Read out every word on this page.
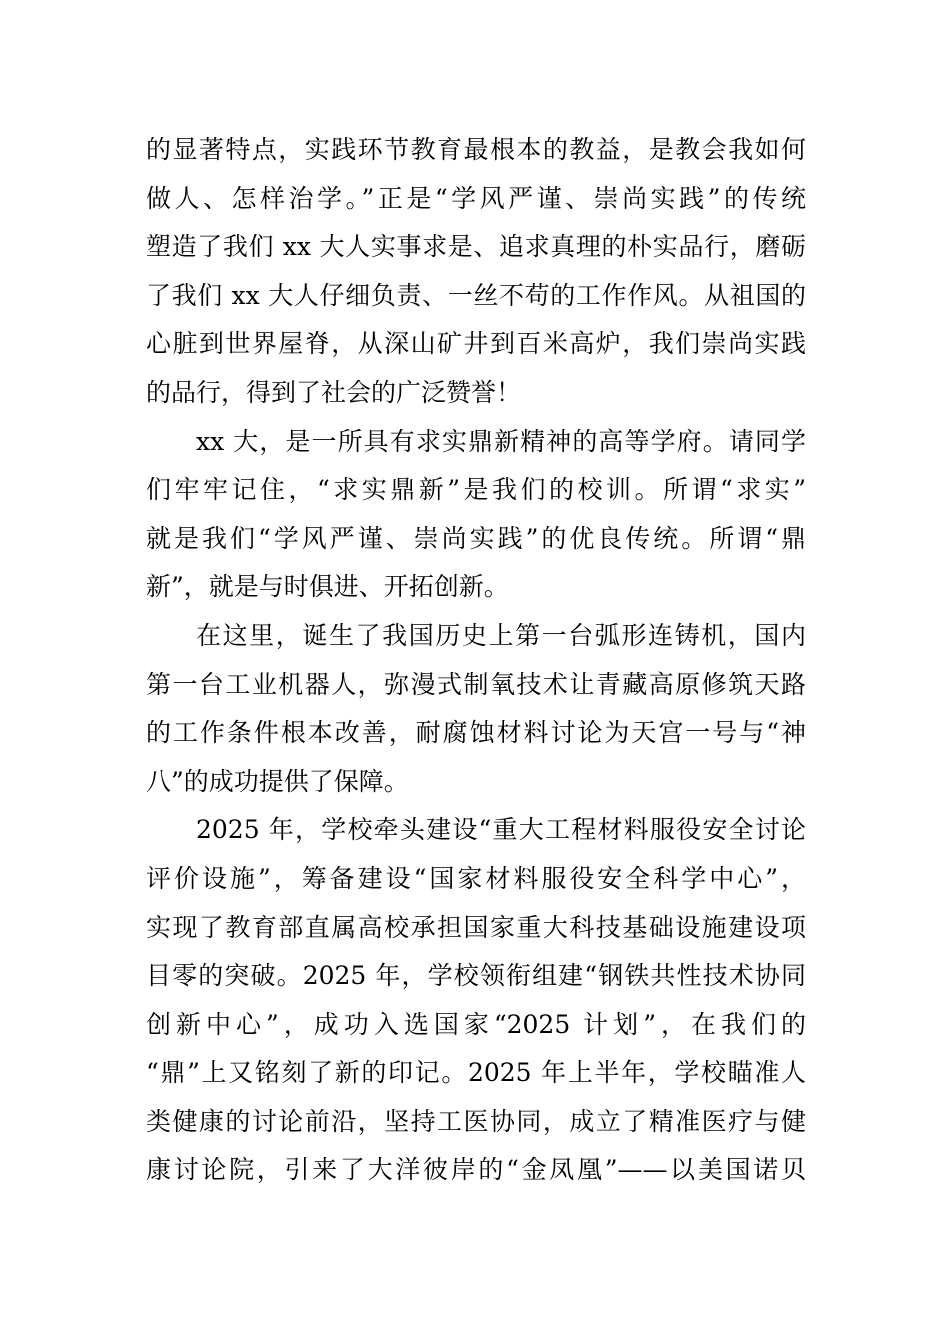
的显著特点，实践环节教育最根本的教益，是教会我如何
做人、怎样治学。”正是“学风严谨、崇尚实践”的传统
塑造了我们 xx 大人实事求是、追求真理的朴实品行，磨砺
了我们 xx 大人仔细负责、一丝不苟的工作作风。从祖国的
心脏到世界屋脊，从深山矿井到百米高炉，我们崇尚实践
的品行，得到了社会的广泛赞誉！

xx 大，是一所具有求实鼎新精神的高等学府。请同学
们牢牢记住，“求实鼎新”是我们的校训。所谓“求实”
就是我们“学风严谨、崇尚实践”的优良传统。所谓“鼎
新”，就是与时俱进、开拓创新。

在这里，诞生了我国历史上第一台弧形连铸机，国内
第一台工业机器人，弥漫式制氧技术让青藏高原修筑天路
的工作条件根本改善，耐腐蚀材料讨论为天宫一号与“神
八”的成功提供了保障。

2025 年，学校牵头建设“重大工程材料服役安全讨论
评价设施”，筹备建设“国家材料服役安全科学中心”，
实现了教育部直属高校承担国家重大科技基础设施建设项
目零的突破。2025 年，学校领衔组建“钢铁共性技术协同
创新中心”，成功入选国家“2025 计划”，在我们的
“鼎”上又铭刻了新的印记。2025 年上半年，学校瞄准人
类健康的讨论前沿，坚持工医协同，成立了精准医疗与健
康讨论院，引来了大洋彼岸的“金凤凰”——以美国诺贝
